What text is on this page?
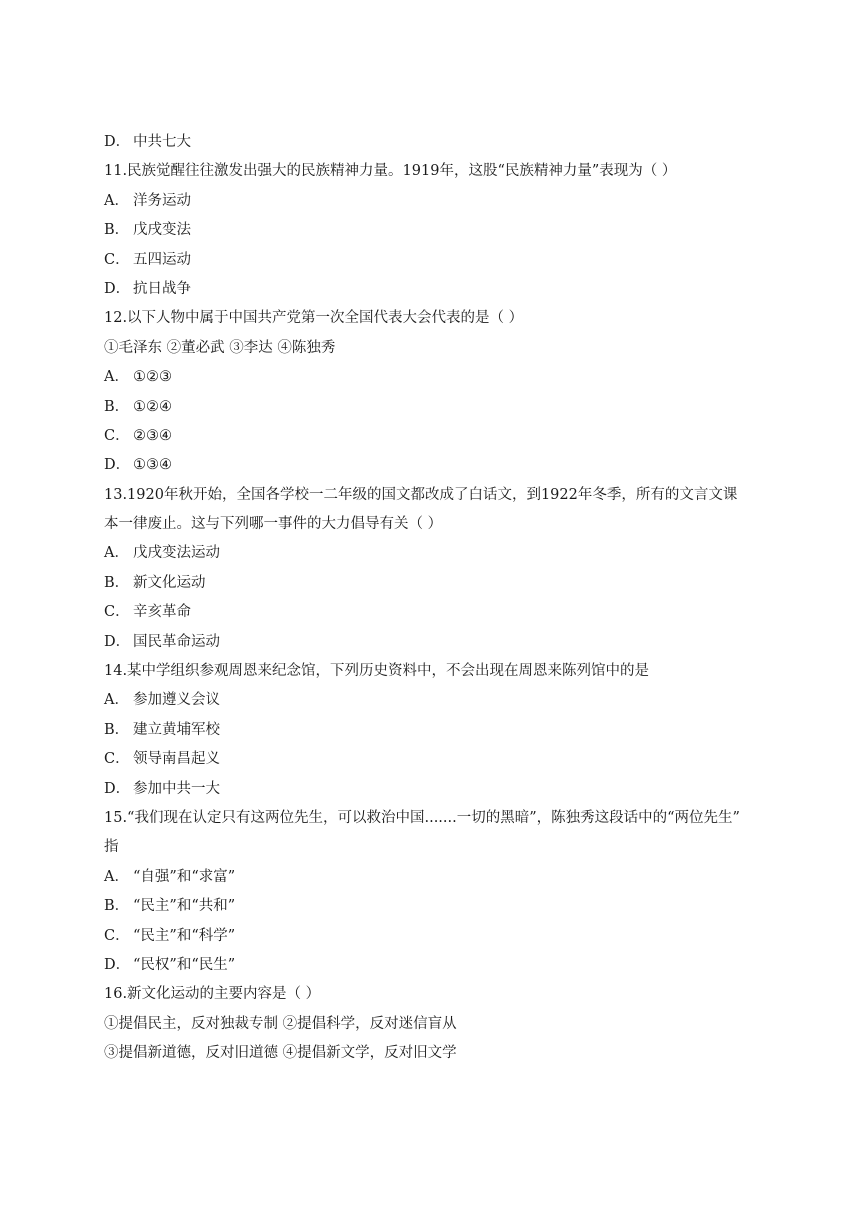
D． 中共七大
11.民族觉醒往往激发出强大的民族精神力量。1919年，这股“民族精神力量”表现为（ ）
A． 洋务运动
B． 戊戌变法
C． 五四运动
D． 抗日战争
12.以下人物中属于中国共产党第一次全国代表大会代表的是（ ）
①毛泽东 ②董必武 ③李达 ④陈独秀
A． ①②③
B． ①②④
C． ②③④
D． ①③④
13.1920年秋开始，全国各学校一二年级的国文都改成了白话文，到1922年冬季，所有的文言文课
本一律废止。这与下列哪一事件的大力倡导有关（ ）
A． 戊戌变法运动
B． 新文化运动
C． 辛亥革命
D． 国民革命运动
14.某中学组织参观周恩来纪念馆，下列历史资料中，不会出现在周恩来陈列馆中的是
A． 参加遵义会议
B． 建立黄埔军校
C． 领导南昌起义
D． 参加中共一大
15.“我们现在认定只有这两位先生，可以救治中国.......一切的黑暗”，陈独秀这段话中的“两位先生”
指
A． “自强”和“求富”
B． “民主”和“共和”
C． “民主”和“科学”
D． “民权”和“民生”
16.新文化运动的主要内容是（ ）
①提倡民主，反对独裁专制 ②提倡科学，反对迷信盲从
③提倡新道德，反对旧道德 ④提倡新文学，反对旧文学
